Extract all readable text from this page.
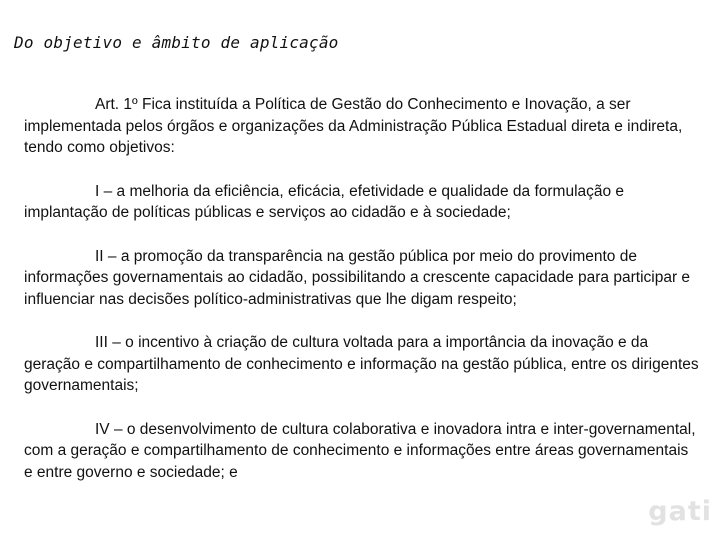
Do objetivo e âmbito de aplicação

Art. 1º Fica instituída a Política de Gestão do Conhecimento e Inovação, a ser implementada pelos órgãos e organizações da Administração Pública Estadual direta e indireta, tendo como objetivos:

I – a melhoria da eficiência, eficácia, efetividade e qualidade da formulação e implantação de políticas públicas e serviços ao cidadão e à sociedade;

II – a promoção da transparência na gestão pública por meio do provimento de informações governamentais ao cidadão, possibilitando a crescente capacidade para participar e influenciar nas decisões político-administrativas que lhe digam respeito;

III – o incentivo à criação de cultura voltada para a importância da inovação e da geração e compartilhamento de conhecimento e informação na gestão pública, entre os dirigentes governamentais;

IV – o desenvolvimento de cultura colaborativa e inovadora intra e inter-governamental, com a geração e compartilhamento de conhecimento e informações entre áreas governamentais e entre governo e sociedade; e

gati
